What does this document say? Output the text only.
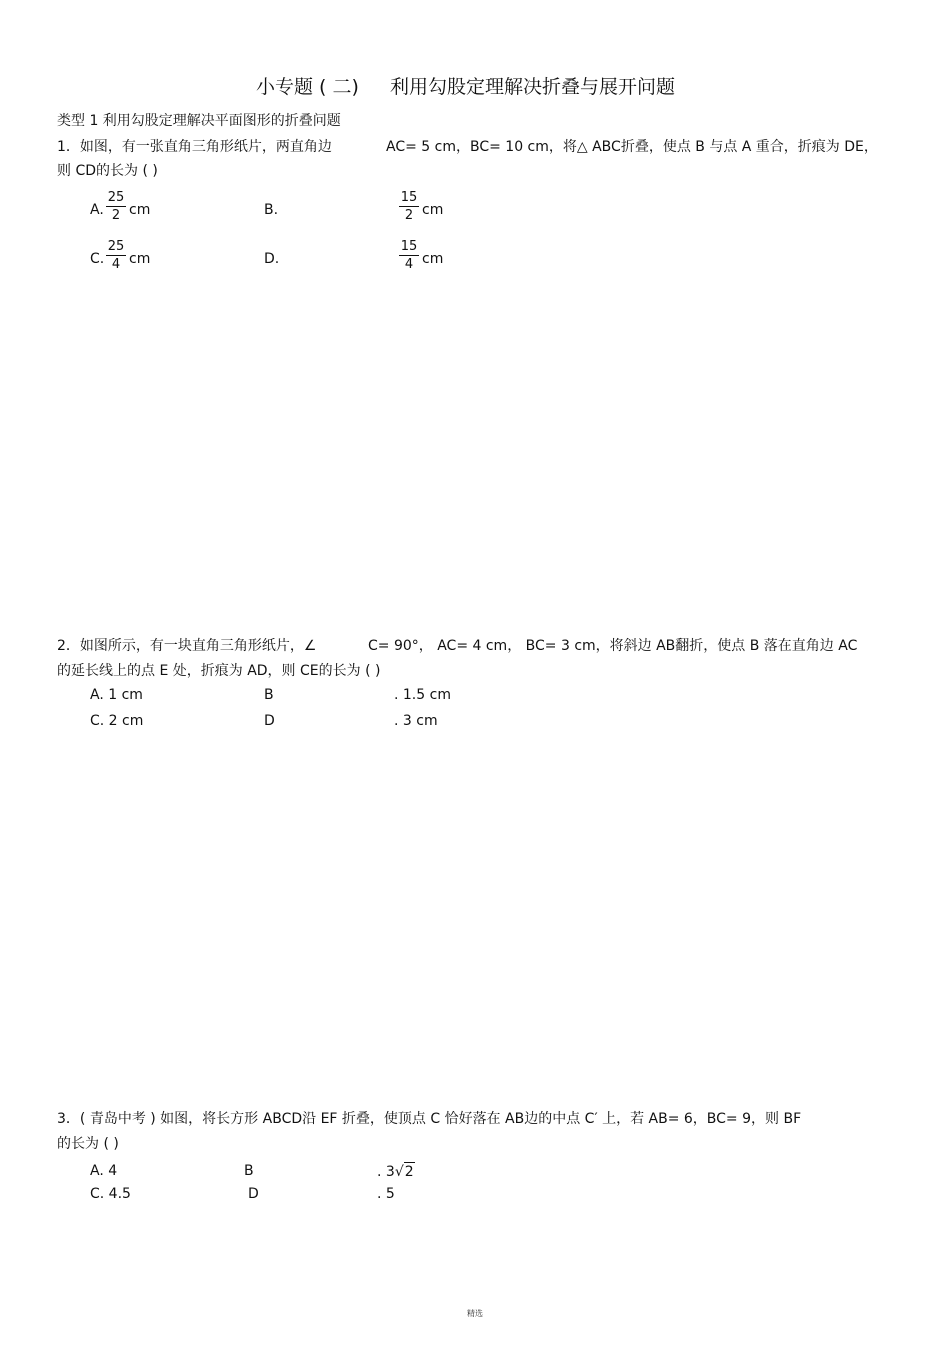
小专题 ( 二) 利用勾股定理解决折叠与展开问题
类型 1 利用勾股定理解决平面图形的折叠问题
1．如图，有一张直角三角形纸片，两直角边	AC= 5 cm，BC= 10 cm，将△ ABC折叠，使点 B 与点 A 重合，折痕为 DE，
则 CD的长为 ( )
A. $\frac{25}{2}$ cm	B.	$\frac{15}{2}$ cm
C. $\frac{25}{4}$ cm	D.	$\frac{15}{4}$ cm
2．如图所示，有一块直角三角形纸片，∠	C= 90°， AC= 4 cm， BC= 3 cm，将斜边 AB翻折，使点 B 落在直角边 AC
的延长线上的点 E 处，折痕为 AD，则 CE的长为 ( )
A. 1 cm	B	. 1.5 cm
C. 2 cm	D	. 3 cm
3．( 青岛中考 ) 如图，将长方形 ABCD沿 EF 折叠，使顶点 C 恰好落在 AB边的中点 C′ 上，若 AB= 6，BC= 9，则 BF
的长为 ( )
A. 4	B	. 3√2
C. 4.5	D	. 5
精选
